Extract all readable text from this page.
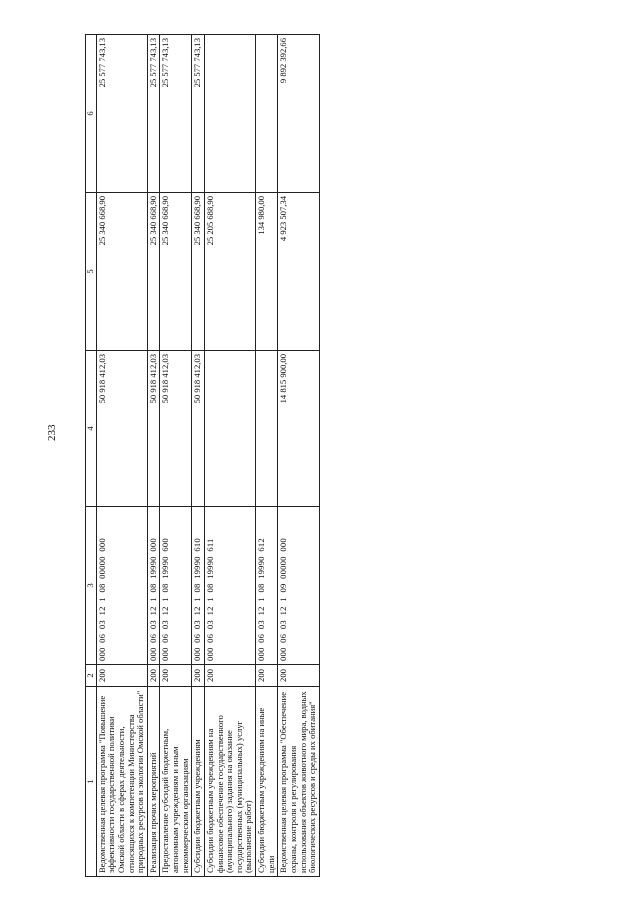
233
1	2	3	4	5	6
Ведомственная целевая программа "Повышение эффективности государственной политики Омской области в сферах деятельности, относящихся к компетенции Министерства природных ресурсов и экологии Омской области"	200	000  06  03  12  1  08  00000  000	50 918 412,03	25 340 668,90	25 577 743,13
Реализация прочих мероприятий	200	000  06  03  12  1  08  19990  000	50 918 412,03	25 340 668,90	25 577 743,13
Предоставление субсидий бюджетным, автономным учреждениям и иным некоммерческим организациям	200	000  06  03  12  1  08  19990  600	50 918 412,03	25 340 668,90	25 577 743,13
Субсидии бюджетным учреждениям	200	000  06  03  12  1  08  19990  610	50 918 412,03	25 340 668,90	25 577 743,13
Субсидии бюджетным учреждениям на финансовое обеспечение государственного (муниципального) задания на оказание государственных (муниципальных) услуг (выполнение работ)	200	000  06  03  12  1  08  19990  611		25 205 688,90	
Субсидии бюджетным учреждениям на иные цели	200	000  06  03  12  1  08  19990  612		134 980,00	
Ведомственная целевая программа "Обеспечение охраны, контроля и регулирования использования объектов животного мира, водных биологических ресурсов и среды их обитания"	200	000  06  03  12  1  09  00000  000	14 815 900,00	4 923 507,34	9 892 392,66
